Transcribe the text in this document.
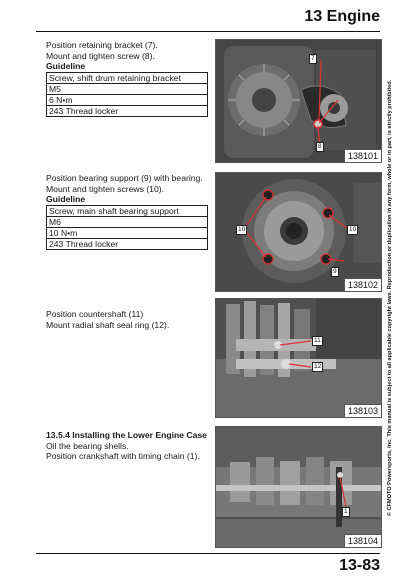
13 Engine
© CFMOTO Powersports, Inc. This manual is subject to all applicable copyright laws. Reproduction or duplication in any form, whole or in part, is strictly prohibited.

Position retaining bracket (7).

Mount and tighten screw (8).

Guideline

Screw, shift drum retaining bracket
M5
6 N•m
243 Thread locker
7
8
138101

Position bearing support (9) with bearing.

Mount and tighten screws (10).

Guideline

Screw, main shaft bearing support
M6
10 N•m
243 Thread locker
10	10
9
138102

Position countershaft (11)

Mount radial shaft seal ring (12).

11
12
138103

13.5.4 Installing the Lower Engine Case

Oil the bearing shells.

Position crankshaft with timing chain (1).

1
138104
13-83
